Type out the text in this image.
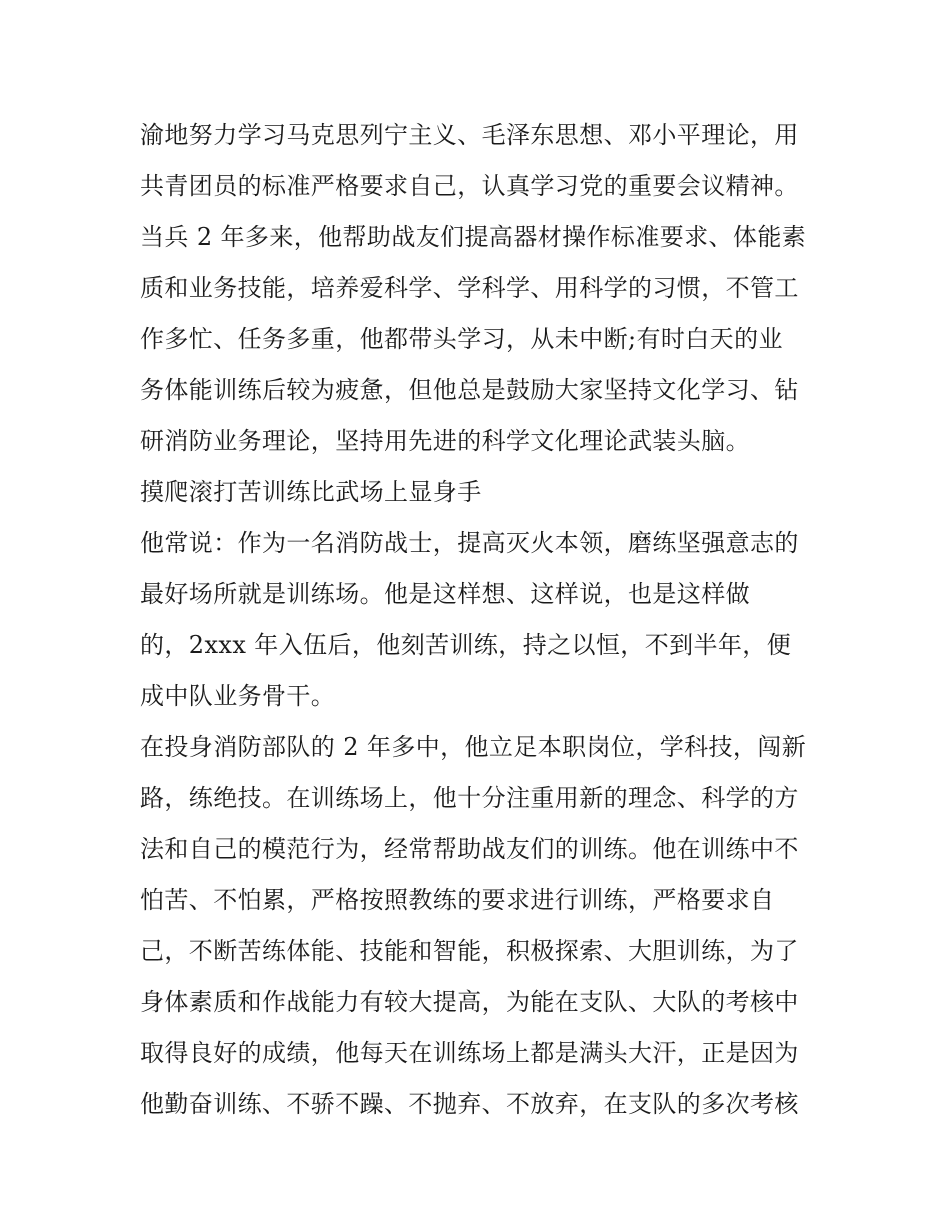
渝地努力学习马克思列宁主义、毛泽东思想、邓小平理论，用
共青团员的标准严格要求自己，认真学习党的重要会议精神。
当兵 2 年多来，他帮助战友们提高器材操作标准要求、体能素
质和业务技能，培养爱科学、学科学、用科学的习惯，不管工
作多忙、任务多重，他都带头学习，从未中断;有时白天的业
务体能训练后较为疲惫，但他总是鼓励大家坚持文化学习、钻
研消防业务理论，坚持用先进的科学文化理论武装头脑。
摸爬滚打苦训练比武场上显身手
他常说：作为一名消防战士，提高灭火本领，磨练坚强意志的
最好场所就是训练场。他是这样想、这样说，也是这样做
的，2xxx 年入伍后，他刻苦训练，持之以恒，不到半年，便
成中队业务骨干。
在投身消防部队的 2 年多中，他立足本职岗位，学科技，闯新
路，练绝技。在训练场上，他十分注重用新的理念、科学的方
法和自己的模范行为，经常帮助战友们的训练。他在训练中不
怕苦、不怕累，严格按照教练的要求进行训练，严格要求自
己，不断苦练体能、技能和智能，积极探索、大胆训练，为了
身体素质和作战能力有较大提高，为能在支队、大队的考核中
取得良好的成绩，他每天在训练场上都是满头大汗，正是因为
他勤奋训练、不骄不躁、不抛弃、不放弃，在支队的多次考核
